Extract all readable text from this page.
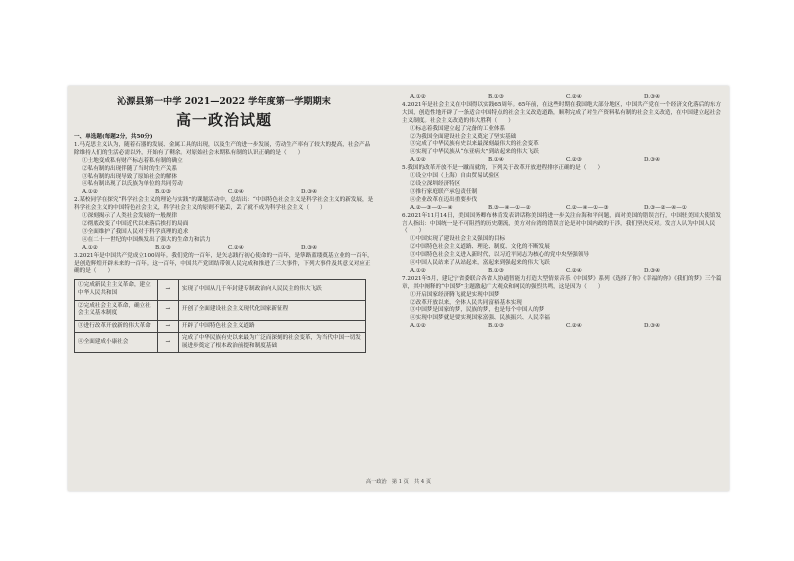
沁源县第一中学 2021—2022 学年度第一学期期末
高一政治试题

一、单选题(每题2分，共50分)

1.马克思主义认为，随着石器的发展、金属工具的出现，以及生产的进一步发展，劳动生产率有了较大的提高，社会产品除维持人们的生活必需以外，开始有了剩余。对原始社会末期私有制的认识正确的是（　　）

①土地变成私有财产标志着私有制的确立

②私有制的出现伴随了当时的生产关系

③私有制的出现导致了原始社会的解体

④私有制出现了以氏族为单位的共同劳动

A.①②	B.①③	C.②④	D.③④

2.某校同学在探究“科学社会主义的理论与实践”的课题活动中，总结出：“中国特色社会主义是科学社会主义的新发展，是科学社会主义的中国特色社会主义，科学社会主义的原则不能丢，丢了就不成为科学社会主义（　　）

①深刻揭示了人类社会发展的一般规律

②彻底改变了中国近代以来落后挨打的局面

③全面维护了我国人民对于科学真理的追求

④在二十一世纪的中国焕发出了强大的生命力和活力

A.①②	B.①③	C.②④	D.③④

3.2021年是中国共产党成立100周年。我们党的一百年，是矢志践行初心使命的一百年，是筚路蓝缕奠基立业的一百年，是创造辉煌开辟未来的一百年。这一百年，中国共产党团结带领人民完成和推进了三大事件，下列大事件及其意义对应正确的是（　　）

①完成新民主主义革命，建立中华人民共和国	→	实现了中国从几千年封建专制政治向人民民主的伟大飞跃
②完成社会主义革命，确立社会主义基本制度	→	开创了全面建设社会主义现代化国家新征程
③进行改革开放新的伟大革命	→	开辟了中国特色社会主义道路
④全面建成小康社会	→	完成了中华民族有史以来最为广泛而深刻的社会变革，为当代中国一切发展进步奠定了根本政治前提和制度基础
A.①②	B.①③	C.②④	D.③④

4.2021年是社会主义在中国得以实践65周年。65年前，在这些时期在我国绝大部分地区，中国共产党在一个经济文化落后的东方大国，创造性地开辟了一条适合中国特点的社会主义改造道路，顺利完成了对生产资料私有制的社会主义改造，在中国建立起社会主义制度。社会主义改造的伟大胜利（　　）

①标志着我国建立起了完备的工业体系

②为我国全面建设社会主义奠定了坚实基础

③完成了中华民族有史以来最深刻最伟大的社会变革

④实现了中华民族从“东亚病夫”到站起来的伟大飞跃

A.①②	B.①④	C.②③	D.③④

5.我国的改革开放不是一蹴而就的，下列关于改革开放进程排序正确的是（　　）

①设立中国（上海）自由贸易试验区

②设立深圳经济特区

③推行家庭联产承包责任制

④企业改革在迈出重要步伐

A.②—③—①—④	B.③—④—①—②	C.②—④—①—③	D.③—②—④—①

6.2021年11月14日，美国国务卿布林肯发表讲话称美国将进一步关注台海和平问题，面对美国的错误言行，中国驻美国大使馆发言人指出：中国统一是不可阻挡的历史潮流，美方对台湾的错误言论是对中国内政的干涉，我们坚决反对。发言人认为中国人民（　　）

①中国实现了建设社会主义强国的目标

②中国特色社会主义道路、理论、制度、文化的不断发展

③中国特色社会主义进入新时代，以习近平同志为核心的党中央坚强领导

④中国人民站来了从站起来，富起来到强起来的伟大飞跃

A.①②	B.①③	C.②④	D.③④

7.2021年5月，建记宁省委联合各省人协通智能力打造大型情景音乐《中国梦》系列《选择了你》《幸福的你》《我们的梦》三个篇章，其中阐释的“中国梦”主题激起广大观众和网民的强烈共鸣，这是因为（　　）

①开启国家经济腾飞就是实现中国梦

②改革开放以来，全体人民共同富裕基本实现

③中国梦是国家的梦，民族的梦，也是每个中国人的梦

④实现中国梦就是要实现国家富强、民族振兴、人民幸福

A.①②	B.①③	C.②④	D.③④
高一政治　第 1 页　共 4 页
